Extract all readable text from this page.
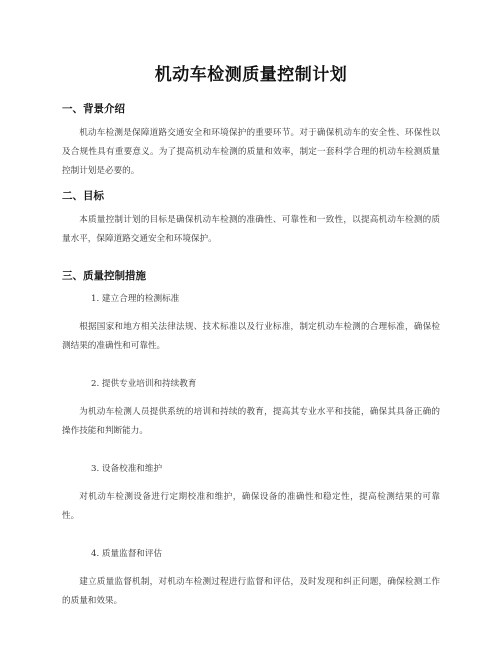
机动车检测质量控制计划
一、背景介绍
机动车检测是保障道路交通安全和环境保护的重要环节。对于确保机动车的安全性、环保性以及合规性具有重要意义。为了提高机动车检测的质量和效率，制定一套科学合理的机动车检测质量控制计划是必要的。
二、目标
本质量控制计划的目标是确保机动车检测的准确性、可靠性和一致性，以提高机动车检测的质量水平，保障道路交通安全和环境保护。
三、质量控制措施
1. 建立合理的检测标准
根据国家和地方相关法律法规、技术标准以及行业标准，制定机动车检测的合理标准，确保检测结果的准确性和可靠性。
2. 提供专业培训和持续教育
为机动车检测人员提供系统的培训和持续的教育，提高其专业水平和技能，确保其具备正确的操作技能和判断能力。
3. 设备校准和维护
对机动车检测设备进行定期校准和维护，确保设备的准确性和稳定性，提高检测结果的可靠性。
4. 质量监督和评估
建立质量监督机制，对机动车检测过程进行监督和评估，及时发现和纠正问题，确保检测工作的质量和效果。
